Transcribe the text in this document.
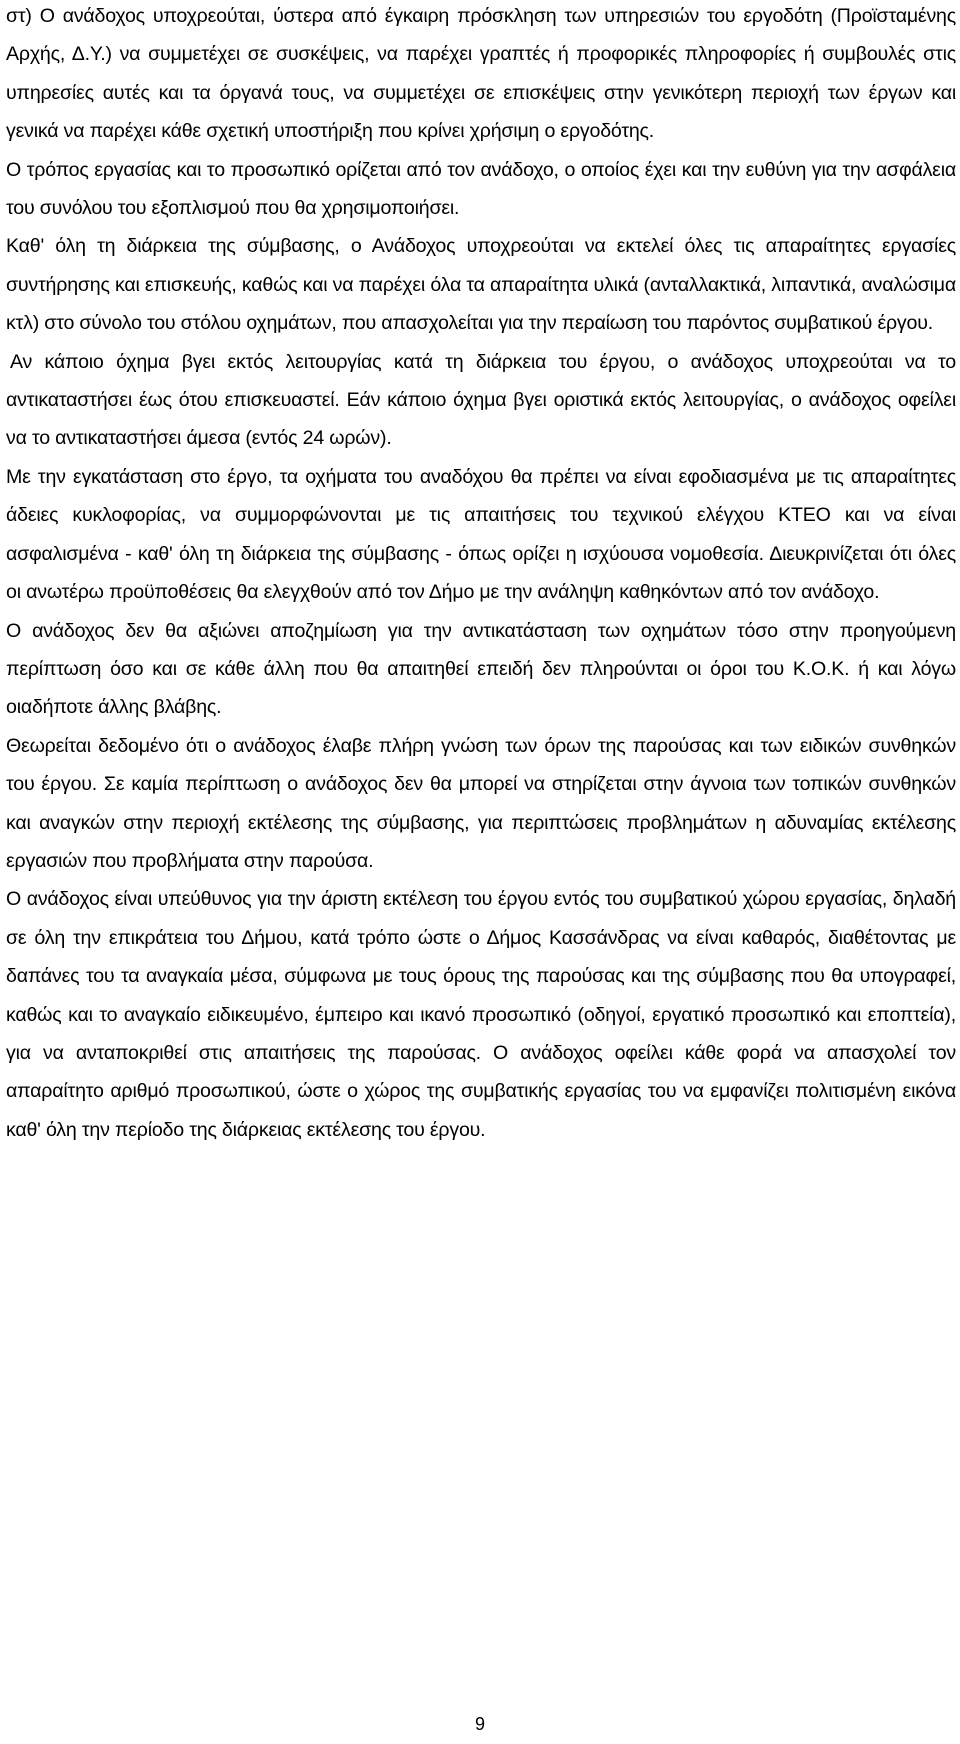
στ) Ο ανάδοχος υποχρεούται, ύστερα από έγκαιρη πρόσκληση των υπηρεσιών του εργοδότη (Προϊσταμένης Αρχής, Δ.Υ.) να συμμετέχει σε συσκέψεις, να παρέχει γραπτές ή προφορικές πληροφορίες ή συμβουλές στις υπηρεσίες αυτές και τα όργανά τους, να συμμετέχει σε επισκέψεις στην γενικότερη περιοχή των έργων και γενικά να παρέχει κάθε σχετική υποστήριξη που κρίνει χρήσιμη ο εργοδότης.

Ο τρόπος εργασίας και το προσωπικό ορίζεται από τον ανάδοχο, ο οποίος έχει και την ευθύνη για την ασφάλεια του συνόλου του εξοπλισμού που θα χρησιμοποιήσει.

Καθ' όλη τη διάρκεια της σύμβασης, ο Ανάδοχος υποχρεούται να εκτελεί όλες τις απαραίτητες εργασίες συντήρησης και επισκευής, καθώς και να παρέχει όλα τα απαραίτητα υλικά (ανταλλακτικά, λιπαντικά, αναλώσιμα κτλ) στο σύνολο του στόλου οχημάτων, που απασχολείται για την περαίωση του παρόντος συμβατικού έργου.

Αν κάποιο όχημα βγει εκτός λειτουργίας κατά τη διάρκεια του έργου, ο ανάδοχος υποχρεούται να το αντικαταστήσει έως ότου επισκευαστεί. Εάν κάποιο όχημα βγει οριστικά εκτός λειτουργίας, ο ανάδοχος οφείλει να το αντικαταστήσει άμεσα (εντός 24 ωρών).

Με την εγκατάσταση στο έργο, τα οχήματα του αναδόχου θα πρέπει να είναι εφοδιασμένα με τις απαραίτητες άδειες κυκλοφορίας, να συμμορφώνονται με τις απαιτήσεις του τεχνικού ελέγχου ΚΤΕΟ και να είναι ασφαλισμένα - καθ' όλη τη διάρκεια της σύμβασης - όπως ορίζει η ισχύουσα νομοθεσία. Διευκρινίζεται ότι όλες οι ανωτέρω προϋποθέσεις θα ελεγχθούν από τον Δήμο με την ανάληψη καθηκόντων από τον ανάδοχο.

Ο ανάδοχος δεν θα αξιώνει αποζημίωση για την αντικατάσταση των οχημάτων τόσο στην προηγούμενη περίπτωση όσο και σε κάθε άλλη που θα απαιτηθεί επειδή δεν πληρούνται οι όροι του Κ.Ο.Κ. ή και λόγω οιαδήποτε άλλης βλάβης.

Θεωρείται δεδομένο ότι ο ανάδοχος έλαβε πλήρη γνώση των όρων της παρούσας και των ειδικών συνθηκών του έργου. Σε καμία περίπτωση ο ανάδοχος δεν θα μπορεί να στηρίζεται στην άγνοια των τοπικών συνθηκών και αναγκών στην περιοχή εκτέλεσης της σύμβασης, για περιπτώσεις προβλημάτων η αδυναμίας εκτέλεσης εργασιών που προβλήματα στην παρούσα.

Ο ανάδοχος είναι υπεύθυνος για την άριστη εκτέλεση του έργου εντός του συμβατικού χώρου εργασίας, δηλαδή σε όλη την επικράτεια του Δήμου, κατά τρόπο ώστε ο Δήμος Κασσάνδρας να είναι καθαρός, διαθέτοντας με δαπάνες του τα αναγκαία μέσα, σύμφωνα με τους όρους της παρούσας και της σύμβασης που θα υπογραφεί, καθώς και το αναγκαίο ειδικευμένο, έμπειρο και ικανό προσωπικό (οδηγοί, εργατικό προσωπικό και εποπτεία), για να ανταποκριθεί στις απαιτήσεις της παρούσας. Ο ανάδοχος οφείλει κάθε φορά να απασχολεί τον απαραίτητο αριθμό προσωπικού, ώστε ο χώρος της συμβατικής εργασίας του να εμφανίζει πολιτισμένη εικόνα καθ' όλη την περίοδο της διάρκειας εκτέλεσης του έργου.

9
